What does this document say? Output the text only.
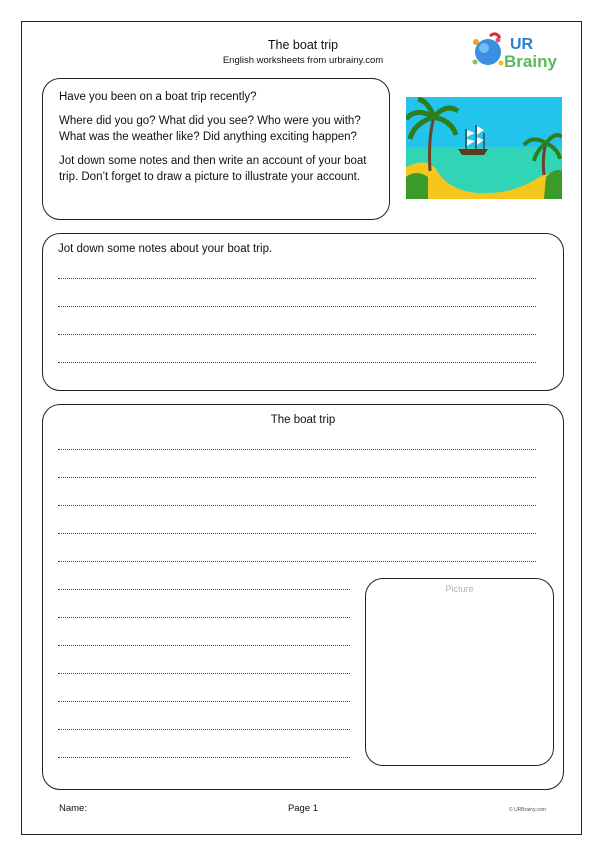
The boat trip
English worksheets from urbrainy.com
UR
Brainy

Have you been on a boat trip recently?

Where did you go? What did you see? Who were you with? What was the weather like? Did anything exciting happen?

Jot down some notes and then write an account of your boat trip. Don’t forget to draw a picture to illustrate your account.

Jot down some notes about your boat trip.
The boat trip
Picture
Name:	Page 1	© URBrainy.com
